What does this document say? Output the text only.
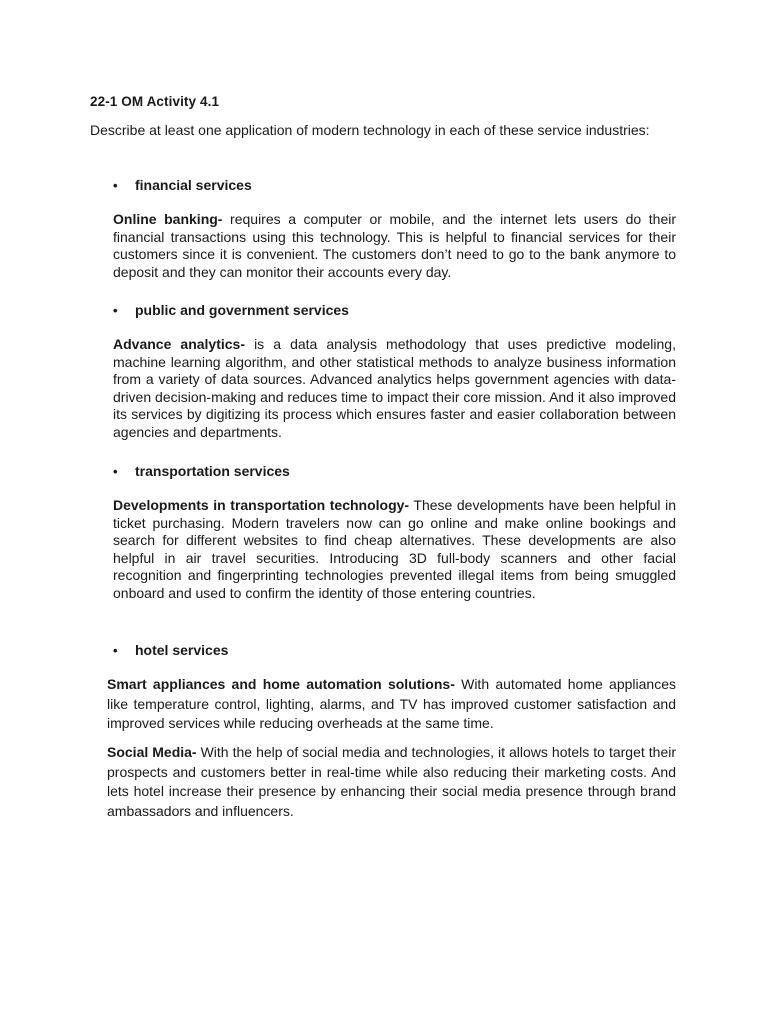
22-1 OM Activity 4.1
Describe at least one application of modern technology in each of these service industries:
• financial services
Online banking- requires a computer or mobile, and the internet lets users do their financial transactions using this technology. This is helpful to financial services for their customers since it is convenient. The customers don’t need to go to the bank anymore to deposit and they can monitor their accounts every day.
• public and government services
Advance analytics- is a data analysis methodology that uses predictive modeling, machine learning algorithm, and other statistical methods to analyze business information from a variety of data sources. Advanced analytics helps government agencies with data-driven decision-making and reduces time to impact their core mission. And it also improved its services by digitizing its process which ensures faster and easier collaboration between agencies and departments.
• transportation services
Developments in transportation technology- These developments have been helpful in ticket purchasing. Modern travelers now can go online and make online bookings and search for different websites to find cheap alternatives. These developments are also helpful in air travel securities. Introducing 3D full-body scanners and other facial recognition and fingerprinting technologies prevented illegal items from being smuggled onboard and used to confirm the identity of those entering countries.
• hotel services
Smart appliances and home automation solutions- With automated home appliances like temperature control, lighting, alarms, and TV has improved customer satisfaction and improved services while reducing overheads at the same time.
Social Media- With the help of social media and technologies, it allows hotels to target their prospects and customers better in real-time while also reducing their marketing costs. And lets hotel increase their presence by enhancing their social media presence through brand ambassadors and influencers.
